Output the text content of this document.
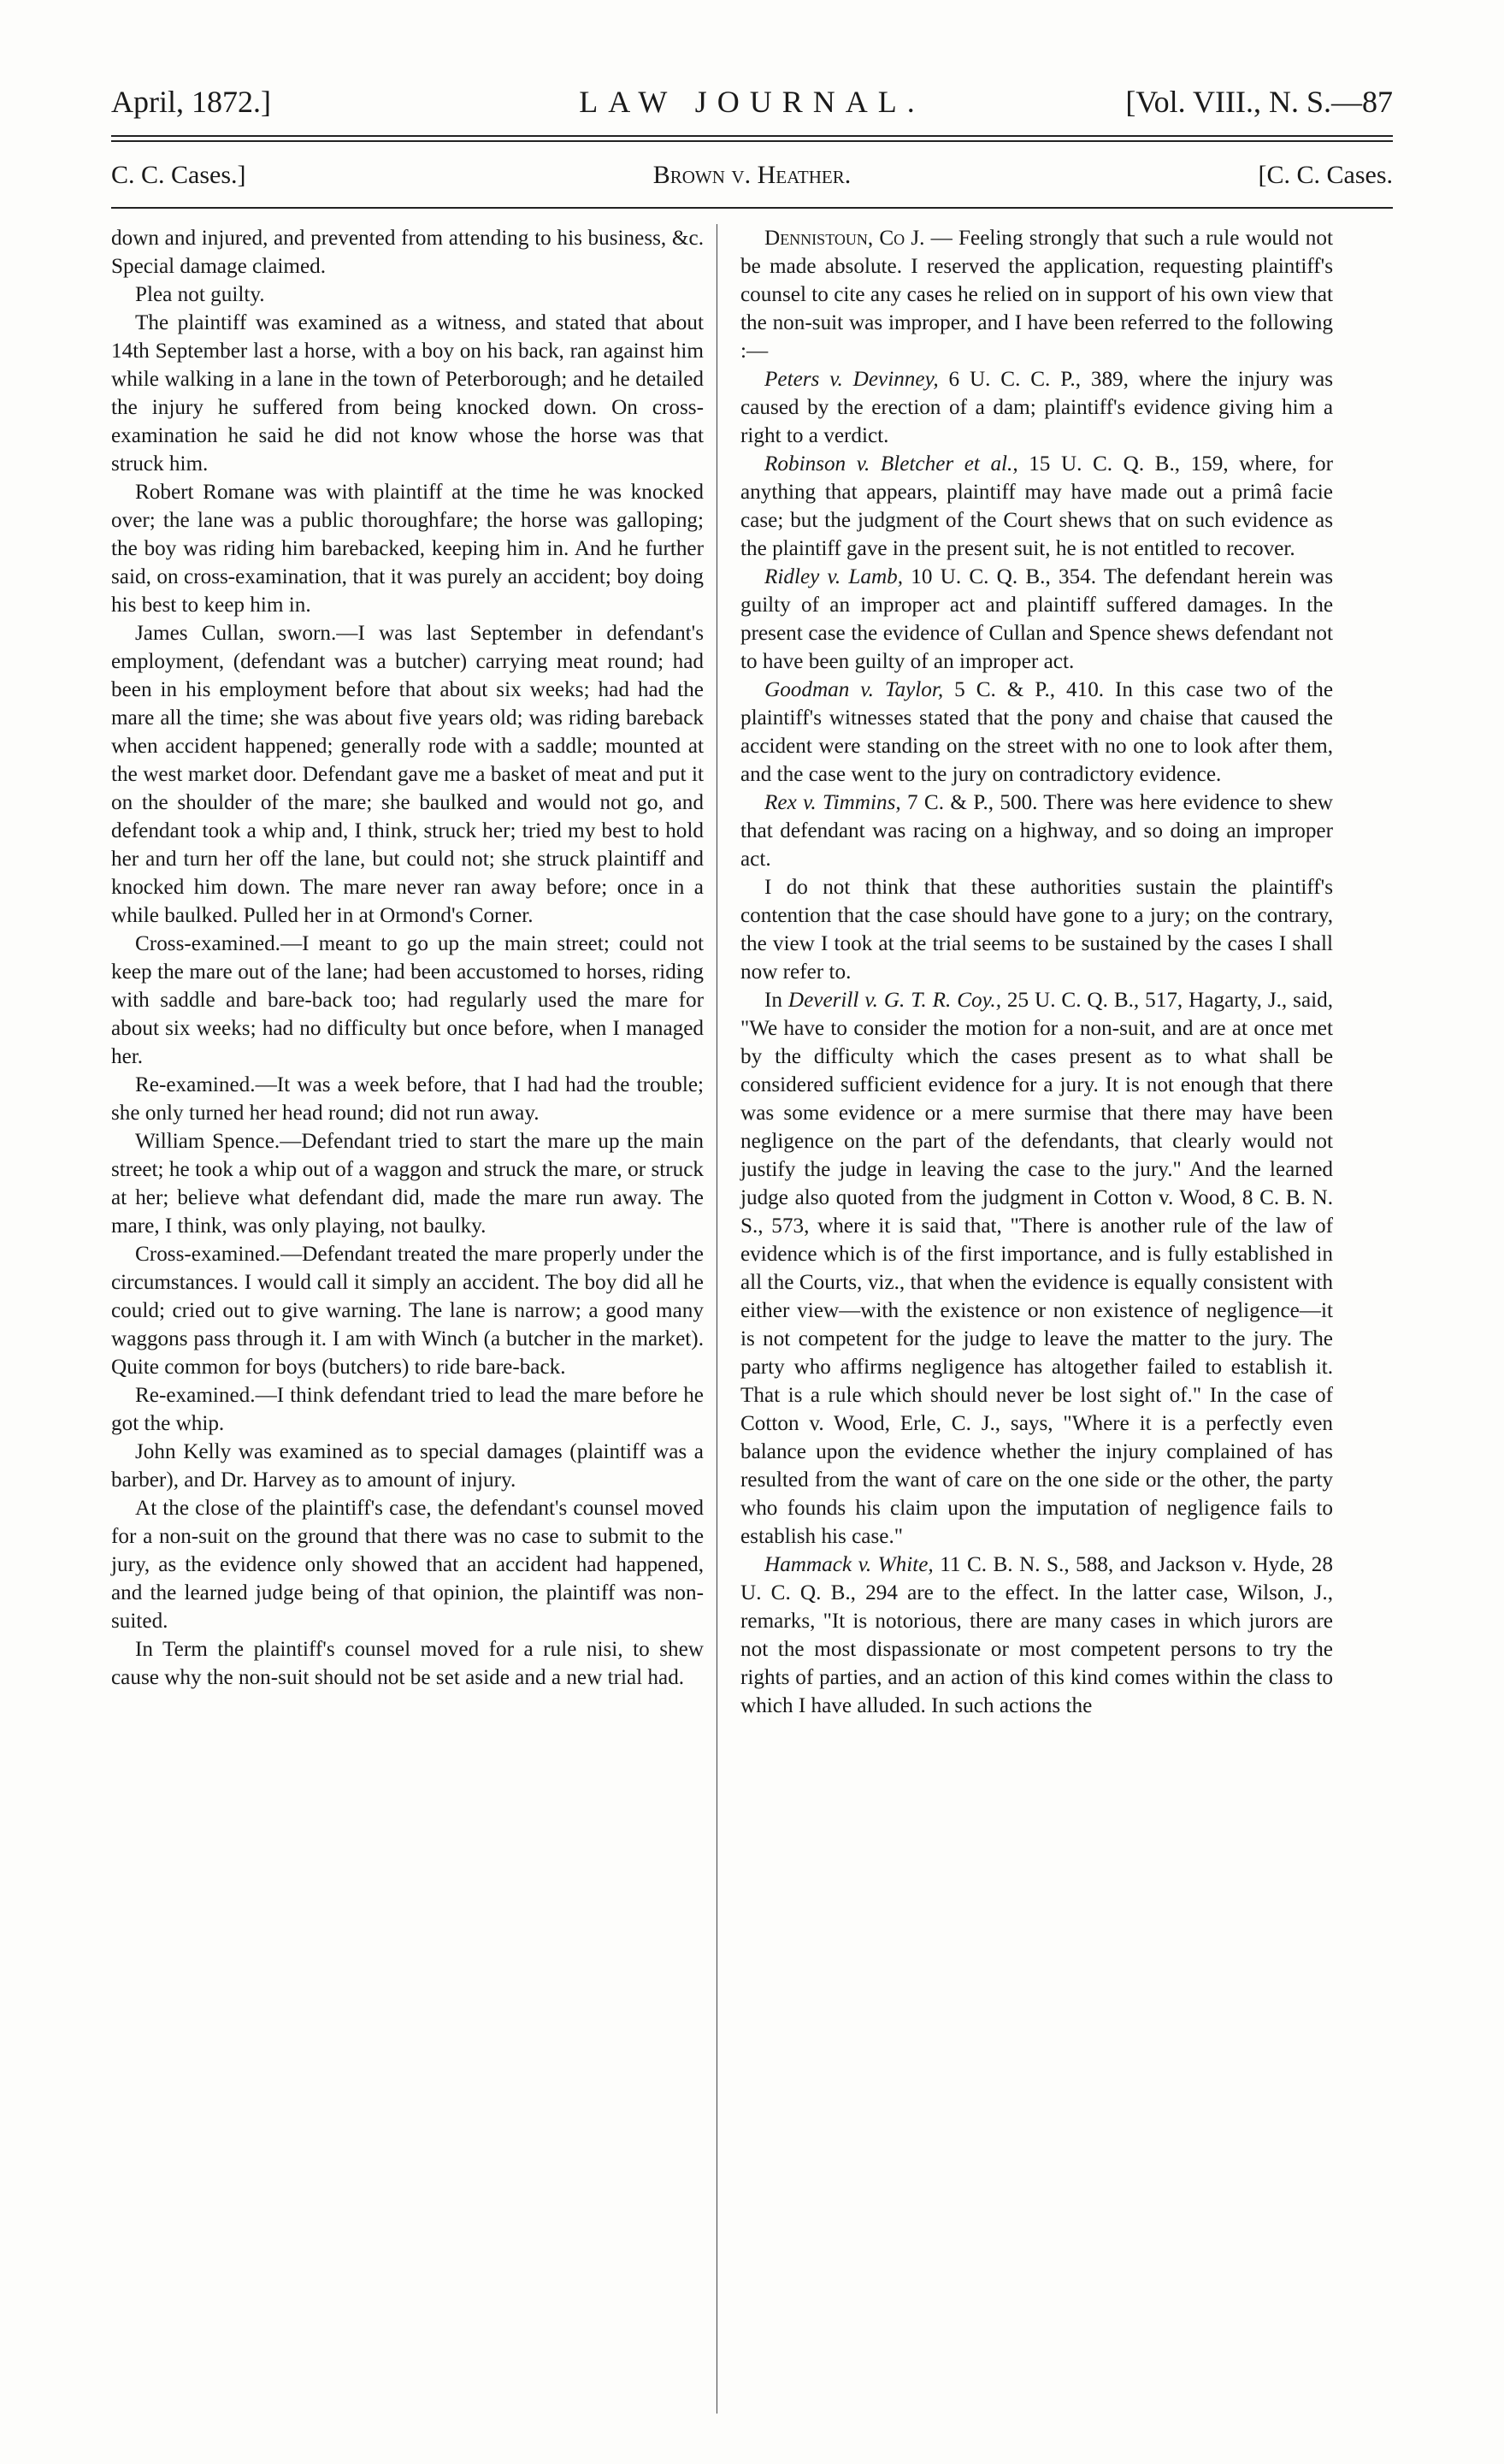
April, 1872.]	LAW JOURNAL.	[Vol. VIII., N. S.—87
C. C. Cases.]	Brown v. Heather.	[C. C. Cases.

down and injured, and prevented from attending to his business, &c. Special damage claimed.

Plea not guilty.

The plaintiff was examined as a witness, and stated that about 14th September last a horse, with a boy on his back, ran against him while walking in a lane in the town of Peterborough; and he detailed the injury he suffered from being knocked down. On cross-examination he said he did not know whose the horse was that struck him.

Robert Romane was with plaintiff at the time he was knocked over; the lane was a public thoroughfare; the horse was galloping; the boy was riding him barebacked, keeping him in. And he further said, on cross-examination, that it was purely an accident; boy doing his best to keep him in.

James Cullan, sworn.—I was last September in defendant's employment, (defendant was a butcher) carrying meat round; had been in his employment before that about six weeks; had had the mare all the time; she was about five years old; was riding bareback when accident happened; generally rode with a saddle; mounted at the west market door. Defendant gave me a basket of meat and put it on the shoulder of the mare; she baulked and would not go, and defendant took a whip and, I think, struck her; tried my best to hold her and turn her off the lane, but could not; she struck plaintiff and knocked him down. The mare never ran away before; once in a while baulked. Pulled her in at Ormond's Corner.

Cross-examined.—I meant to go up the main street; could not keep the mare out of the lane; had been accustomed to horses, riding with saddle and bare-back too; had regularly used the mare for about six weeks; had no difficulty but once before, when I managed her.

Re-examined.—It was a week before, that I had had the trouble; she only turned her head round; did not run away.

William Spence.—Defendant tried to start the mare up the main street; he took a whip out of a waggon and struck the mare, or struck at her; believe what defendant did, made the mare run away. The mare, I think, was only playing, not baulky.

Cross-examined.—Defendant treated the mare properly under the circumstances. I would call it simply an accident. The boy did all he could; cried out to give warning. The lane is narrow; a good many waggons pass through it. I am with Winch (a butcher in the market). Quite common for boys (butchers) to ride bare-back.

Re-examined.—I think defendant tried to lead the mare before he got the whip.

John Kelly was examined as to special damages (plaintiff was a barber), and Dr. Harvey as to amount of injury.

At the close of the plaintiff's case, the defendant's counsel moved for a non-suit on the ground that there was no case to submit to the jury, as the evidence only showed that an accident had happened, and the learned judge being of that opinion, the plaintiff was non-suited.

In Term the plaintiff's counsel moved for a rule nisi, to shew cause why the non-suit should not be set aside and a new trial had.

Dennistoun, Co J. — Feeling strongly that such a rule would not be made absolute. I reserved the application, requesting plaintiff's counsel to cite any cases he relied on in support of his own view that the non-suit was improper, and I have been referred to the following :—

Peters v. Devinney, 6 U. C. C. P., 389, where the injury was caused by the erection of a dam; plaintiff's evidence giving him a right to a verdict.

Robinson v. Bletcher et al., 15 U. C. Q. B., 159, where, for anything that appears, plaintiff may have made out a primâ facie case; but the judgment of the Court shews that on such evidence as the plaintiff gave in the present suit, he is not entitled to recover.

Ridley v. Lamb, 10 U. C. Q. B., 354. The defendant herein was guilty of an improper act and plaintiff suffered damages. In the present case the evidence of Cullan and Spence shews defendant not to have been guilty of an improper act.

Goodman v. Taylor, 5 C. & P., 410. In this case two of the plaintiff's witnesses stated that the pony and chaise that caused the accident were standing on the street with no one to look after them, and the case went to the jury on contradictory evidence.

Rex v. Timmins, 7 C. & P., 500. There was here evidence to shew that defendant was racing on a highway, and so doing an improper act.

I do not think that these authorities sustain the plaintiff's contention that the case should have gone to a jury; on the contrary, the view I took at the trial seems to be sustained by the cases I shall now refer to.

In Deverill v. G. T. R. Coy., 25 U. C. Q. B., 517, Hagarty, J., said, "We have to consider the motion for a non-suit, and are at once met by the difficulty which the cases present as to what shall be considered sufficient evidence for a jury. It is not enough that there was some evidence or a mere surmise that there may have been negligence on the part of the defendants, that clearly would not justify the judge in leaving the case to the jury." And the learned judge also quoted from the judgment in Cotton v. Wood, 8 C. B. N. S., 573, where it is said that, "There is another rule of the law of evidence which is of the first importance, and is fully established in all the Courts, viz., that when the evidence is equally consistent with either view—with the existence or non existence of negligence—it is not competent for the judge to leave the matter to the jury. The party who affirms negligence has altogether failed to establish it. That is a rule which should never be lost sight of." In the case of Cotton v. Wood, Erle, C. J., says, "Where it is a perfectly even balance upon the evidence whether the injury complained of has resulted from the want of care on the one side or the other, the party who founds his claim upon the imputation of negligence fails to establish his case."

Hammack v. White, 11 C. B. N. S., 588, and Jackson v. Hyde, 28 U. C. Q. B., 294 are to the effect. In the latter case, Wilson, J., remarks, "It is notorious, there are many cases in which jurors are not the most dispassionate or most competent persons to try the rights of parties, and an action of this kind comes within the class to which I have alluded. In such actions the
